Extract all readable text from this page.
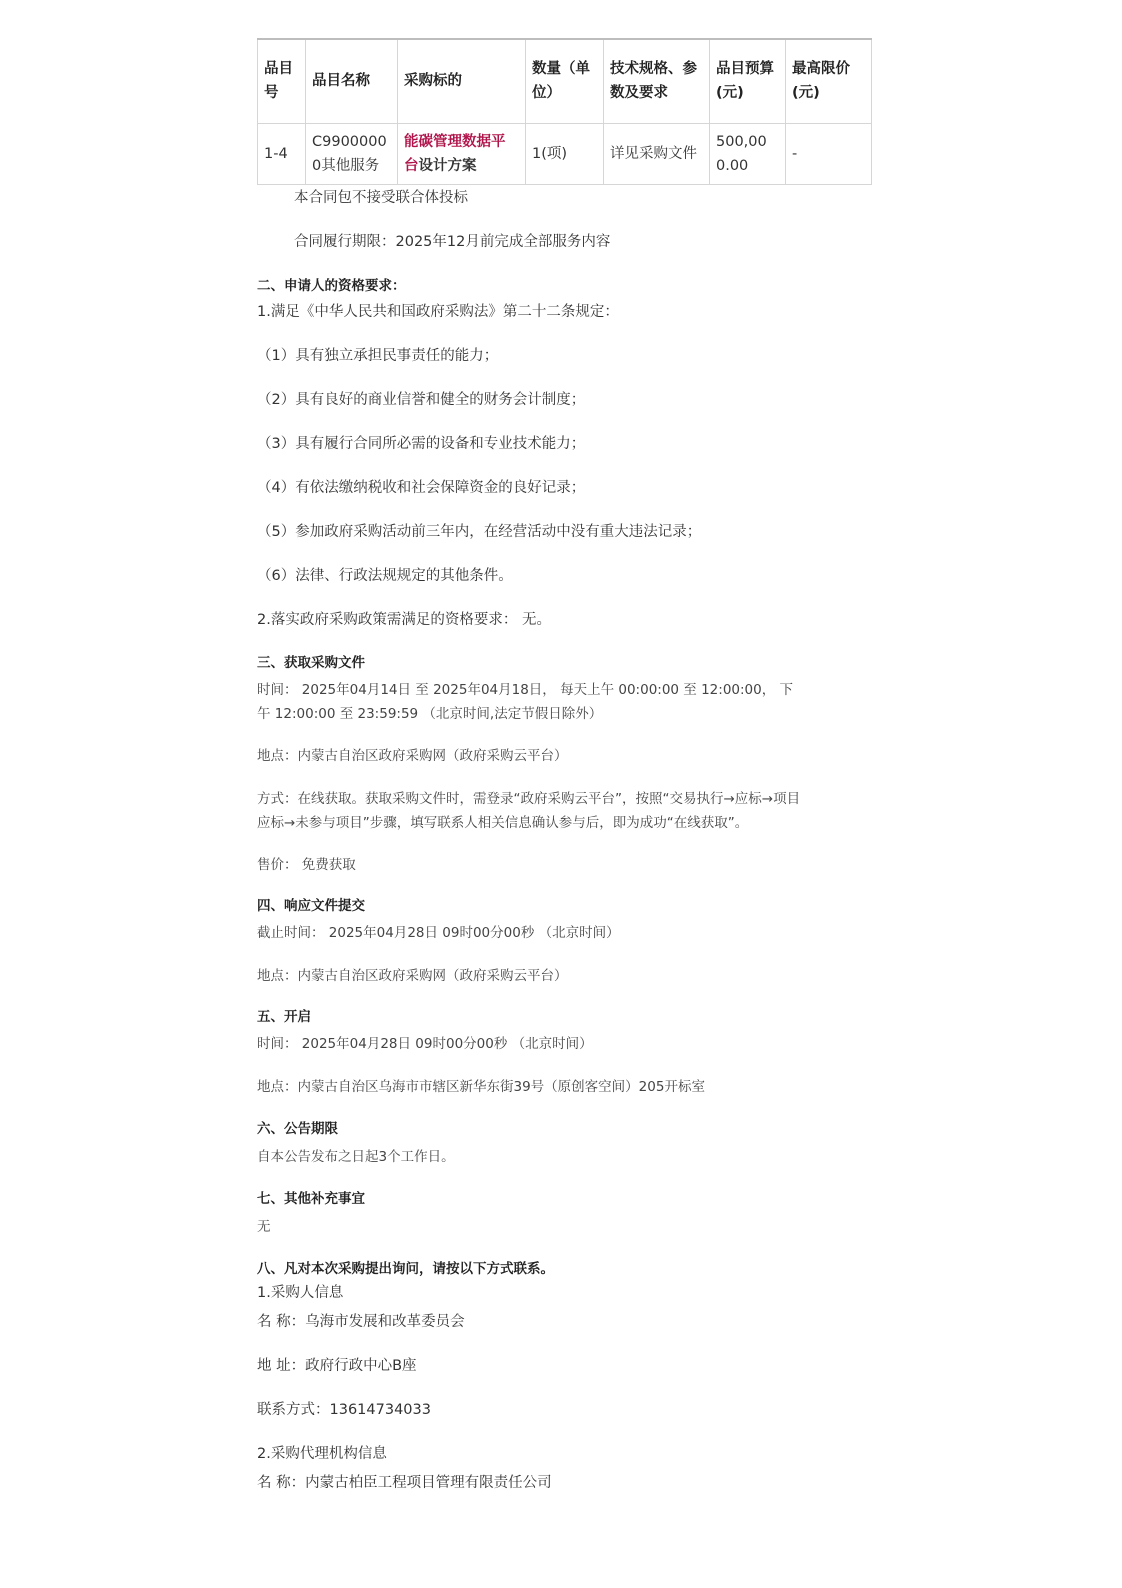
品目号	品目名称	采购标的	数量（单位）	技术规格、参数及要求	品目预算(元)	最高限价(元)
1-4	C99000000其他服务	能碳管理数据平台设计方案	1(项)	详见采购文件	500,000.00	-

本合同包不接受联合体投标

合同履行期限：2025年12月前完成全部服务内容

二、申请人的资格要求：

1.满足《中华人民共和国政府采购法》第二十二条规定：

（1）具有独立承担民事责任的能力；

（2）具有良好的商业信誉和健全的财务会计制度；

（3）具有履行合同所必需的设备和专业技术能力；

（4）有依法缴纳税收和社会保障资金的良好记录；

（5）参加政府采购活动前三年内，在经营活动中没有重大违法记录；

（6）法律、行政法规规定的其他条件。

2.落实政府采购政策需满足的资格要求： 无。

三、获取采购文件

时间： 2025年04月14日 至 2025年04月18日， 每天上午 00:00:00 至 12:00:00， 下

午 12:00:00 至 23:59:59 （北京时间,法定节假日除外）

地点：内蒙古自治区政府采购网（政府采购云平台）

方式：在线获取。获取采购文件时，需登录“政府采购云平台”，按照“交易执行→应标→项目

应标→未参与项目”步骤，填写联系人相关信息确认参与后，即为成功“在线获取”。

售价： 免费获取

四、响应文件提交

截止时间： 2025年04月28日 09时00分00秒 （北京时间）

地点：内蒙古自治区政府采购网（政府采购云平台）

五、开启

时间： 2025年04月28日 09时00分00秒 （北京时间）

地点：内蒙古自治区乌海市市辖区新华东街39号（原创客空间）205开标室

六、公告期限

自本公告发布之日起3个工作日。

七、其他补充事宜

无

八、凡对本次采购提出询问，请按以下方式联系。

1.采购人信息

名 称：乌海市发展和改革委员会

地 址：政府行政中心B座

联系方式：13614734033

2.采购代理机构信息

名 称：内蒙古柏臣工程项目管理有限责任公司
